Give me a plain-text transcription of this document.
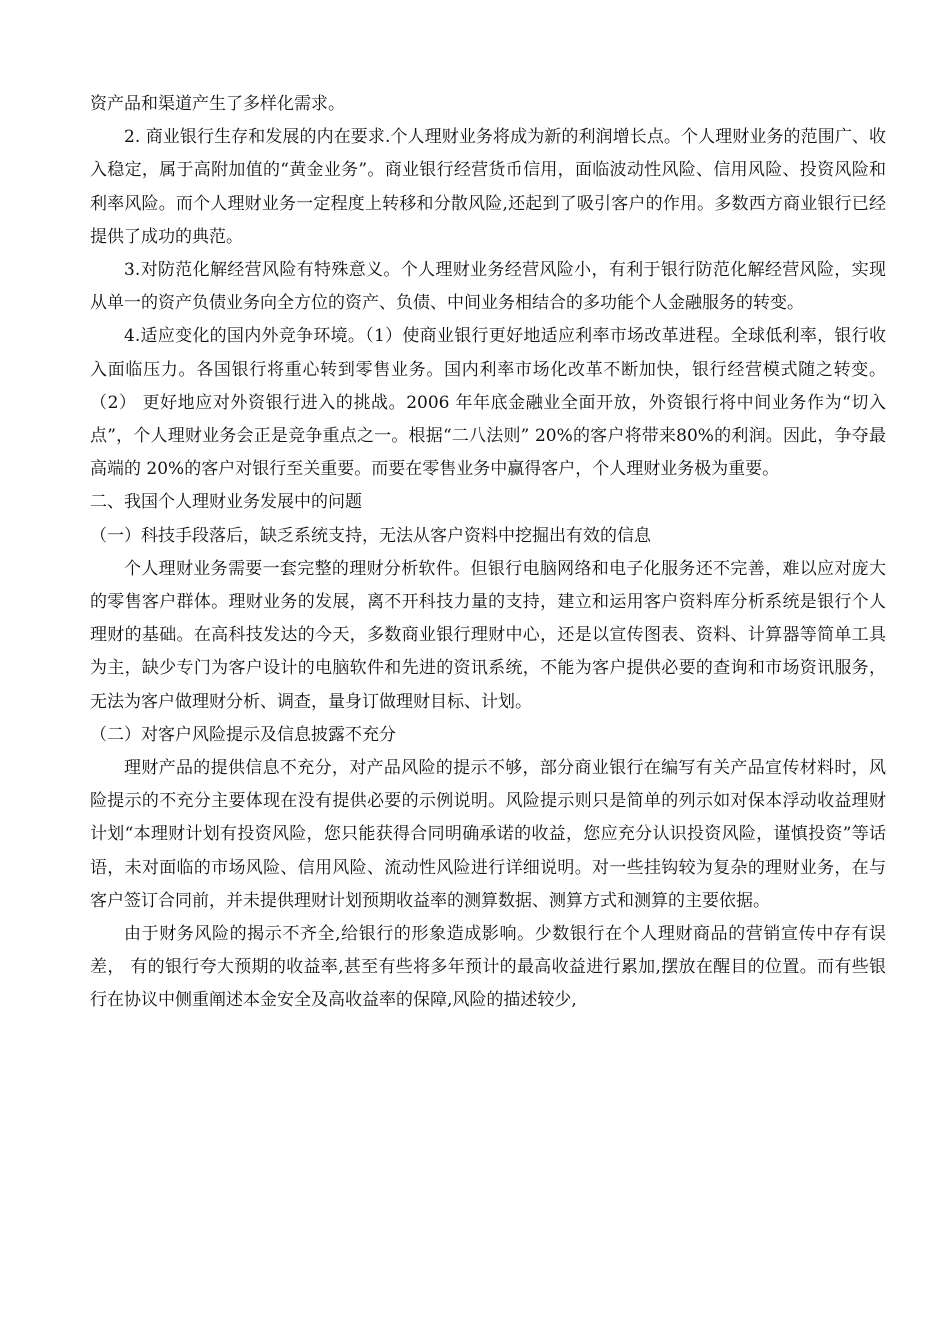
资产品和渠道产生了多样化需求。

2. 商业银行生存和发展的内在要求.个人理财业务将成为新的利润增长点。个人理财业务的范围广、收入稳定，属于高附加值的“黄金业务”。商业银行经营货币信用，面临波动性风险、信用风险、投资风险和利率风险。而个人理财业务一定程度上转移和分散风险,还起到了吸引客户的作用。多数西方商业银行已经提供了成功的典范。

3.对防范化解经营风险有特殊意义。个人理财业务经营风险小，有利于银行防范化解经营风险，实现从单一的资产负债业务向全方位的资产、负债、中间业务相结合的多功能个人金融服务的转变。

4.适应变化的国内外竞争环境。（1）使商业银行更好地适应利率市场改革进程。全球低利率，银行收入面临压力。各国银行将重心转到零售业务。国内利率市场化改革不断加快，银行经营模式随之转变。（2） 更好地应对外资银行进入的挑战。2006 年年底金融业全面开放，外资银行将中间业务作为“切入点”，个人理财业务会正是竞争重点之一。根据“二八法则” 20%的客户将带来80%的利润。因此，争夺最高端的 20%的客户对银行至关重要。而要在零售业务中赢得客户，个人理财业务极为重要。

二、我国个人理财业务发展中的问题

（一）科技手段落后，缺乏系统支持，无法从客户资料中挖掘出有效的信息

个人理财业务需要一套完整的理财分析软件。但银行电脑网络和电子化服务还不完善，难以应对庞大的零售客户群体。理财业务的发展，离不开科技力量的支持，建立和运用客户资料库分析系统是银行个人理财的基础。在高科技发达的今天，多数商业银行理财中心，还是以宣传图表、资料、计算器等简单工具为主，缺少专门为客户设计的电脑软件和先进的资讯系统，不能为客户提供必要的查询和市场资讯服务，无法为客户做理财分析、调查，量身订做理财目标、计划。

（二）对客户风险提示及信息披露不充分

理财产品的提供信息不充分，对产品风险的提示不够，部分商业银行在编写有关产品宣传材料时，风险提示的不充分主要体现在没有提供必要的示例说明。风险提示则只是简单的列示如对保本浮动收益理财计划“本理财计划有投资风险，您只能获得合同明确承诺的收益，您应充分认识投资风险，谨慎投资”等话语，未对面临的市场风险、信用风险、流动性风险进行详细说明。对一些挂钩较为复杂的理财业务，在与客户签订合同前，并未提供理财计划预期收益率的测算数据、测算方式和测算的主要依据。

由于财务风险的揭示不齐全,给银行的形象造成影响。少数银行在个人理财商品的营销宣传中存有误差， 有的银行夸大预期的收益率,甚至有些将多年预计的最高收益进行累加,摆放在醒目的位置。而有些银行在协议中侧重阐述本金安全及高收益率的保障,风险的描述较少,
